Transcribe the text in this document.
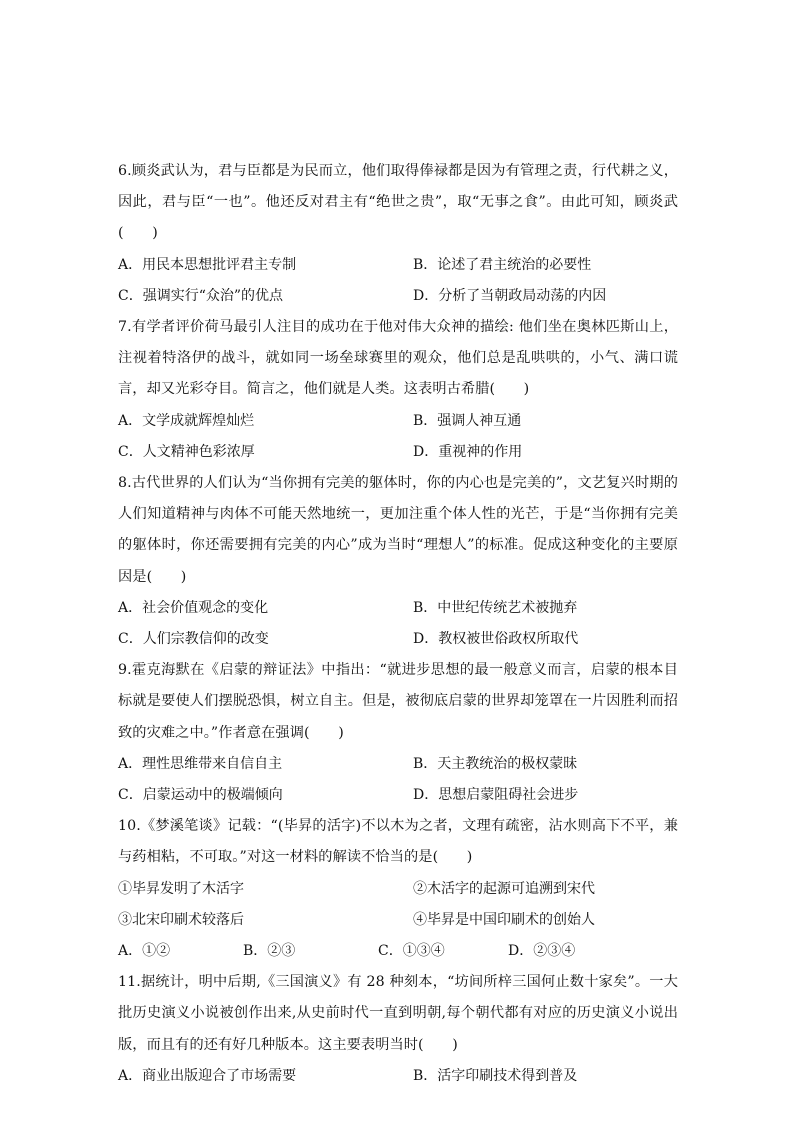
6.顾炎武认为，君与臣都是为民而立，他们取得俸禄都是因为有管理之责，行代耕之义，因此，君与臣“一也”。他还反对君主有“绝世之贵”，取“无事之食”。由此可知，顾炎武(　　)

A．用民本思想批评君主专制	B．论述了君主统治的必要性
C．强调实行“众治”的优点	D．分析了当朝政局动荡的内因

7.有学者评价荷马最引人注目的成功在于他对伟大众神的描绘: 他们坐在奥林匹斯山上，注视着特洛伊的战斗，就如同一场垒球赛里的观众，他们总是乱哄哄的，小气、满口谎言，却又光彩夺目。简言之，他们就是人类。这表明古希腊(　　)

A．文学成就辉煌灿烂	B．强调人神互通
C．人文精神色彩浓厚	D．重视神的作用

8.古代世界的人们认为“当你拥有完美的躯体时，你的内心也是完美的”，文艺复兴时期的人们知道精神与肉体不可能天然地统一，更加注重个体人性的光芒，于是“当你拥有完美的躯体时，你还需要拥有完美的内心”成为当时“理想人”的标准。促成这种变化的主要原因是(　　)

A．社会价值观念的变化	B．中世纪传统艺术被抛弃
C．人们宗教信仰的改变	D．教权被世俗政权所取代

9.霍克海默在《启蒙的辩证法》中指出：“就进步思想的最一般意义而言，启蒙的根本目标就是要使人们摆脱恐惧，树立自主。但是，被彻底启蒙的世界却笼罩在一片因胜利而招致的灾难之中。”作者意在强调(　　)

A．理性思维带来自信自主	B．天主教统治的极权蒙昧
C．启蒙运动中的极端倾向	D．思想启蒙阻碍社会进步

10.《梦溪笔谈》记载：“(毕昇的活字)不以木为之者，文理有疏密，沾水则高下不平，兼与药相粘，不可取。”对这一材料的解读不恰当的是(　　)

①毕昇发明了木活字	②木活字的起源可追溯到宋代
③北宋印刷术较落后	④毕昇是中国印刷术的创始人
A．①②	B．②③	C．①③④	D．②③④

11.据统计，明中后期,《三国演义》有 28 种刻本，“坊间所梓三国何止数十家矣”。一大批历史演义小说被创作出来,从史前时代一直到明朝,每个朝代都有对应的历史演义小说出版，而且有的还有好几种版本。这主要表明当时(　　)

A．商业出版迎合了市场需要	B．活字印刷技术得到普及
